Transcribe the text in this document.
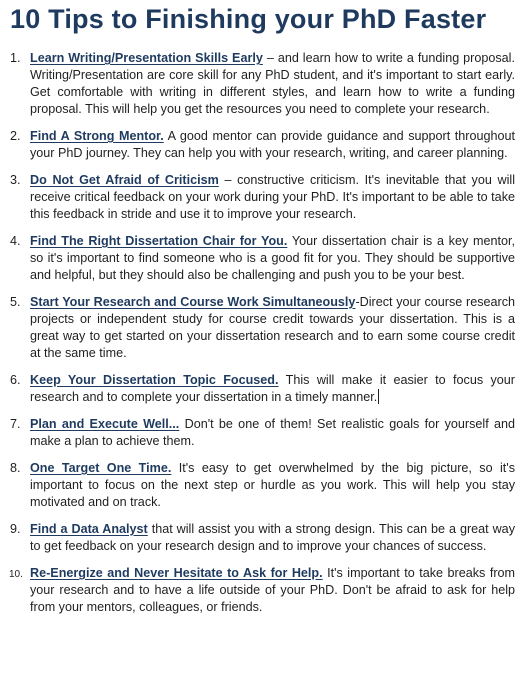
10 Tips to Finishing your PhD Faster
1. Learn Writing/Presentation Skills Early – and learn how to write a funding proposal. Writing/Presentation are core skill for any PhD student, and it's important to start early. Get comfortable with writing in different styles, and learn how to write a funding proposal. This will help you get the resources you need to complete your research.
2. Find A Strong Mentor. A good mentor can provide guidance and support throughout your PhD journey. They can help you with your research, writing, and career planning.
3. Do Not Get Afraid of Criticism – constructive criticism. It's inevitable that you will receive critical feedback on your work during your PhD. It's important to be able to take this feedback in stride and use it to improve your research.
4. Find The Right Dissertation Chair for You. Your dissertation chair is a key mentor, so it's important to find someone who is a good fit for you. They should be supportive and helpful, but they should also be challenging and push you to be your best.
5. Start Your Research and Course Work Simultaneously-Direct your course research projects or independent study for course credit towards your dissertation. This is a great way to get started on your dissertation research and to earn some course credit at the same time.
6. Keep Your Dissertation Topic Focused. This will make it easier to focus your research and to complete your dissertation in a timely manner.
7. Plan and Execute Well... Don't be one of them! Set realistic goals for yourself and make a plan to achieve them.
8. One Target One Time. It's easy to get overwhelmed by the big picture, so it's important to focus on the next step or hurdle as you work. This will help you stay motivated and on track.
9. Find a Data Analyst that will assist you with a strong design. This can be a great way to get feedback on your research design and to improve your chances of success.
10. Re-Energize and Never Hesitate to Ask for Help. It's important to take breaks from your research and to have a life outside of your PhD. Don't be afraid to ask for help from your mentors, colleagues, or friends.
